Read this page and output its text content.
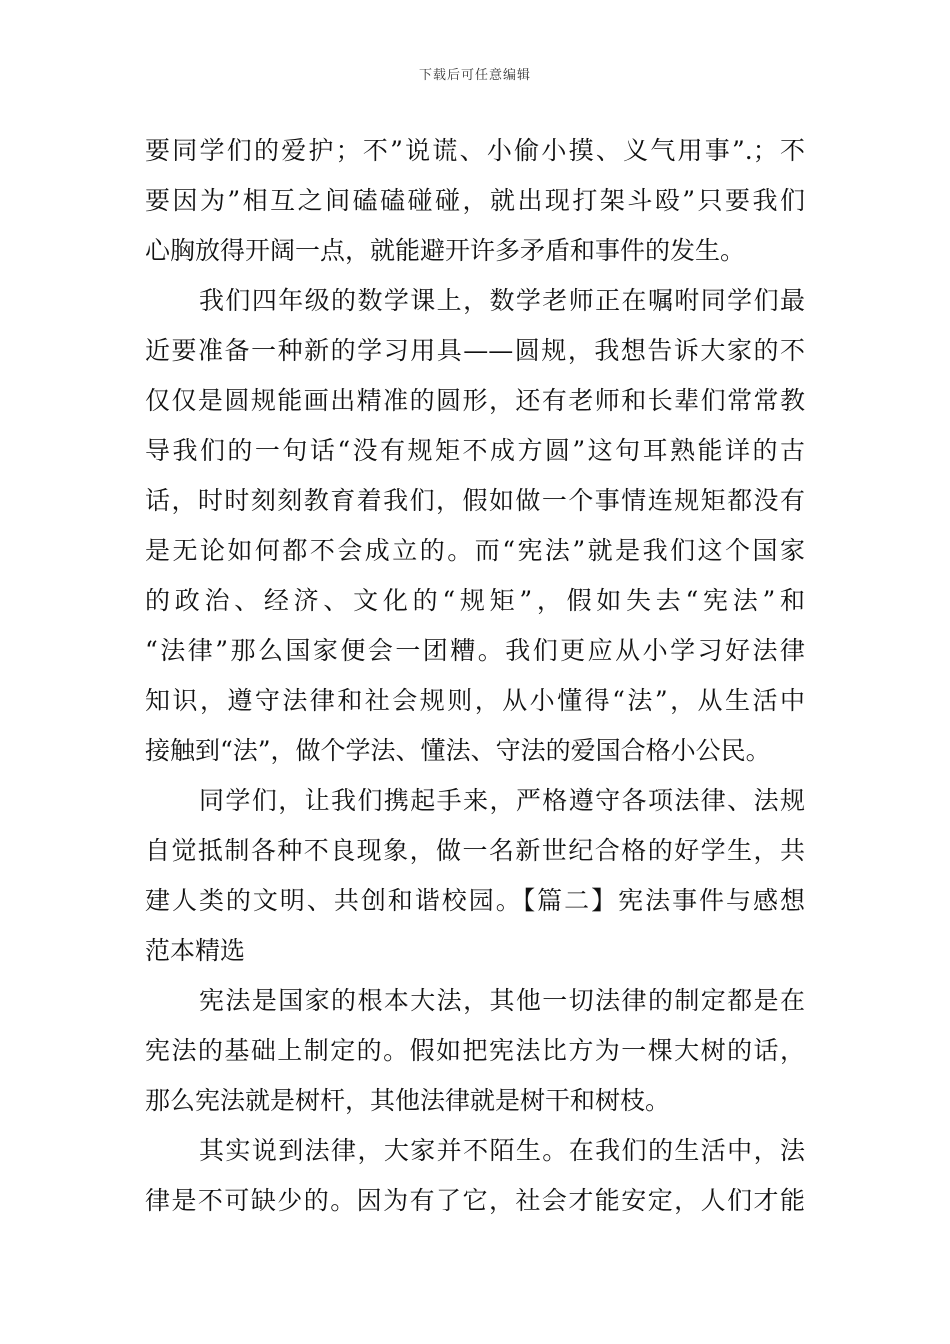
下载后可任意编辑
要同学们的爱护；不”说谎、小偷小摸、义气用事”.；不
要因为”相互之间磕磕碰碰，就出现打架斗殴”只要我们
心胸放得开阔一点，就能避开许多矛盾和事件的发生。
我们四年级的数学课上，数学老师正在嘱咐同学们最
近要准备一种新的学习用具——圆规，我想告诉大家的不
仅仅是圆规能画出精准的圆形，还有老师和长辈们常常教
导我们的一句话“没有规矩不成方圆”这句耳熟能详的古
话，时时刻刻教育着我们，假如做一个事情连规矩都没有
是无论如何都不会成立的。而“宪法”就是我们这个国家
的政治、经济、文化的“规矩”，假如失去“宪法”和
“法律”那么国家便会一团糟。我们更应从小学习好法律
知识，遵守法律和社会规则，从小懂得“法”，从生活中
接触到“法”，做个学法、懂法、守法的爱国合格小公民。
同学们，让我们携起手来，严格遵守各项法律、法规
自觉抵制各种不良现象，做一名新世纪合格的好学生，共
建人类的文明、共创和谐校园。【篇二】宪法事件与感想
范本精选
宪法是国家的根本大法，其他一切法律的制定都是在
宪法的基础上制定的。假如把宪法比方为一棵大树的话，
那么宪法就是树杆，其他法律就是树干和树枝。
其实说到法律，大家并不陌生。在我们的生活中，法
律是不可缺少的。因为有了它，社会才能安定，人们才能
